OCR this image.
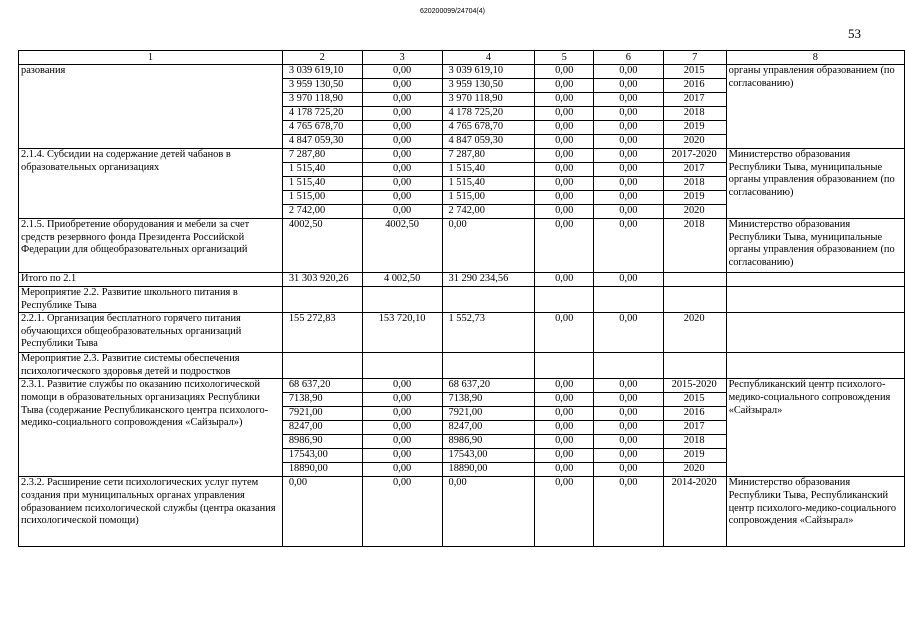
620200099/24704(4)
53
1	2	3	4	5	6	7	8
разования	3 039 619,10	0,00	3 039 619,10	0,00	0,00	2015	органы управления образованием (по согласованию)
	3 959 130,50	0,00	3 959 130,50	0,00	0,00	2016	
	3 970 118,90	0,00	3 970 118,90	0,00	0,00	2017	
	4 178 725,20	0,00	4 178 725,20	0,00	0,00	2018	
	4 765 678,70	0,00	4 765 678,70	0,00	0,00	2019	
	4 847 059,30	0,00	4 847 059,30	0,00	0,00	2020	
2.1.4. Субсидии на содержание детей чабанов в образовательных организациях	7 287,80	0,00	7 287,80	0,00	0,00	2017-2020	Министерство образования Республики Тыва, муниципальные органы управления образованием (по согласованию)
	1 515,40	0,00	1 515,40	0,00	0,00	2017	
	1 515,40	0,00	1 515,40	0,00	0,00	2018	
	1 515,00	0,00	1 515,00	0,00	0,00	2019	
	2 742,00	0,00	2 742,00	0,00	0,00	2020	
2.1.5. Приобретение оборудования и мебели за счет средств резервного фонда Президента Российской Федерации для общеобразовательных организаций	4002,50	4002,50	0,00	0,00	0,00	2018	Министерство образования Республики Тыва, муниципальные органы управления образованием (по согласованию)
Итого по 2.1	31 303 920,26	4 002,50	31 290 234,56	0,00	0,00		
Мероприятие 2.2. Развитие школьного питания в Республике Тыва							
2.2.1. Организация бесплатного горячего питания обучающихся общеобразовательных организаций Республики Тыва	155 272,83	153 720,10	1 552,73	0,00	0,00	2020	
Мероприятие 2.3. Развитие системы обеспечения психологического здоровья детей и подростков							
2.3.1. Развитие службы по оказанию психологической помощи в образовательных организациях Республики Тыва (содержание Республиканского центра психолого-медико-социального сопровождения «Сайзырал»)	68 637,20	0,00	68 637,20	0,00	0,00	2015-2020	Республиканский центр психолого-медико-социального сопровождения «Сайзырал»
	7138,90	0,00	7138,90	0,00	0,00	2015	
	7921,00	0,00	7921,00	0,00	0,00	2016	
	8247,00	0,00	8247,00	0,00	0,00	2017	
	8986,90	0,00	8986,90	0,00	0,00	2018	
	17543,00	0,00	17543,00	0,00	0,00	2019	
	18890,00	0,00	18890,00	0,00	0,00	2020	
2.3.2. Расширение сети психологических услуг путем создания при муниципальных органах управления образованием психологической службы (центра оказания психологической помощи)	0,00	0,00	0,00	0,00	0,00	2014-2020	Министерство образования Республики Тыва, Республиканский центр психолого-медико-социального сопровождения «Сайзырал»
